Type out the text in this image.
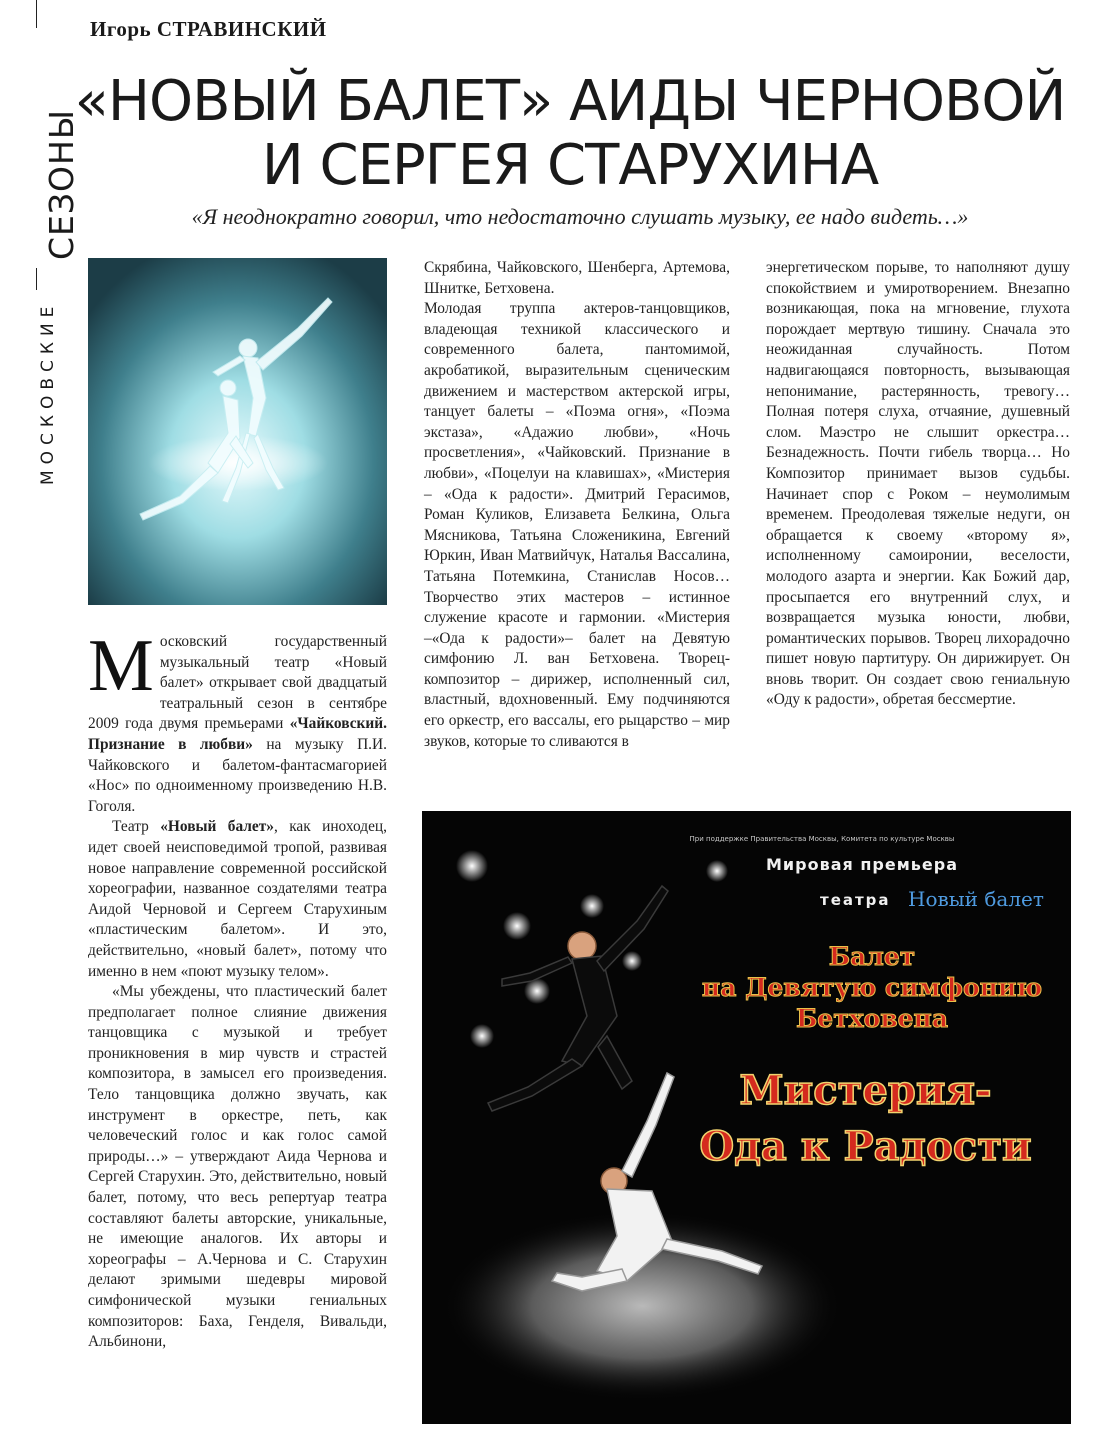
СЕЗОНЫ
МОСКОВСКИЕ
Игорь СТРАВИНСКИЙ
«НОВЫЙ БАЛЕТ» АИДЫ ЧЕРНОВОЙ
И СЕРГЕЯ СТАРУХИНА
«Я неоднократно говорил, что недостаточно слушать музыку, ее надо видеть…»

Московский государственный музыкальный театр «Новый балет» открывает свой двадцатый театральный сезон в сентябре 2009 года двумя премьерами «Чайковский. Признание в любви» на музыку П.И. Чайковского и балетом-фантасмагорией «Нос» по одноименному произведению Н.В. Гоголя.

Театр «Новый балет», как иноходец, идет своей неисповедимой тропой, развивая новое направление современной российской хореографии, названное создателями театра Аидой Черновой и Сергеем Старухиным «пластическим балетом». И это, действительно, «новый балет», потому что именно в нем «поют музыку телом».

«Мы убеждены, что пластический балет предполагает полное слияние движения танцовщика с музыкой и требует проникновения в мир чувств и страстей композитора, в замысел его произведения. Тело танцовщика должно звучать, как инструмент в оркестре, петь, как человеческий голос и как голос самой природы…» – утверждают Аида Чернова и Сергей Старухин. Это, действительно, новый балет, потому, что весь репертуар театра составляют балеты авторские, уникальные, не имеющие аналогов. Их авторы и хореографы – А.Чернова и С. Старухин делают зримыми шедевры мировой симфонической музыки гениальных композиторов: Баха, Генделя, Вивальди, Альбинони,

Скрябина, Чайковского, Шенберга, Артемова, Шнитке, Бетховена.

Молодая труппа актеров-танцовщиков, владеющая техникой классического и современного балета, пантомимой, акробатикой, выразительным сценическим движением и мастерством актерской игры, танцует балеты – «Поэма огня», «Поэма экстаза», «Адажио любви», «Ночь просветления», «Чайковский. Признание в любви», «Поцелуи на клавишах», «Мистерия – «Ода к радости». Дмитрий Герасимов, Роман Куликов, Елизавета Белкина, Ольга Мясникова, Татьяна Сложеникина, Евгений Юркин, Иван Матвийчук, Наталья Вассалина, Татьяна Потемкина, Станислав Носов… Творчество этих мастеров – истинное служение красоте и гармонии. «Мистерия –«Ода к радости»– балет на Девятую симфонию Л. ван Бетховена. Творец-композитор – дирижер, исполненный сил, властный, вдохновенный. Ему подчиняются его оркестр, его вассалы, его рыцарство – мир звуков, которые то сливаются в

энергетическом порыве, то наполняют душу спокойствием и умиротворением. Внезапно возникающая, пока на мгновение, глухота порождает мертвую тишину. Сначала это неожиданная случайность. Потом надвигающаяся повторность, вызывающая непонимание, растерянность, тревогу… Полная потеря слуха, отчаяние, душевный слом. Маэстро не слышит оркестра… Безнадежность. Почти гибель творца… Но Композитор принимает вызов судьбы. Начинает спор с Роком – неумолимым временем. Преодолевая тяжелые недуги, он обращается к своему «второму я», исполненному самоиронии, веселости, молодого азарта и энергии. Как Божий дар, просыпается его внутренний слух, и возвращается музыка юности, любви, романтических порывов. Творец лихорадочно пишет новую партитуру. Он дирижирует. Он вновь творит. Он создает свою гениальную «Оду к радости», обретая бессмертие.

При поддержке Правительства Москвы, Комитета по культуре Москвы
Мировая премьера
театра Новый балет
Балет
на Девятую симфонию
Бетховена
Мистерия-
Ода к Радости
